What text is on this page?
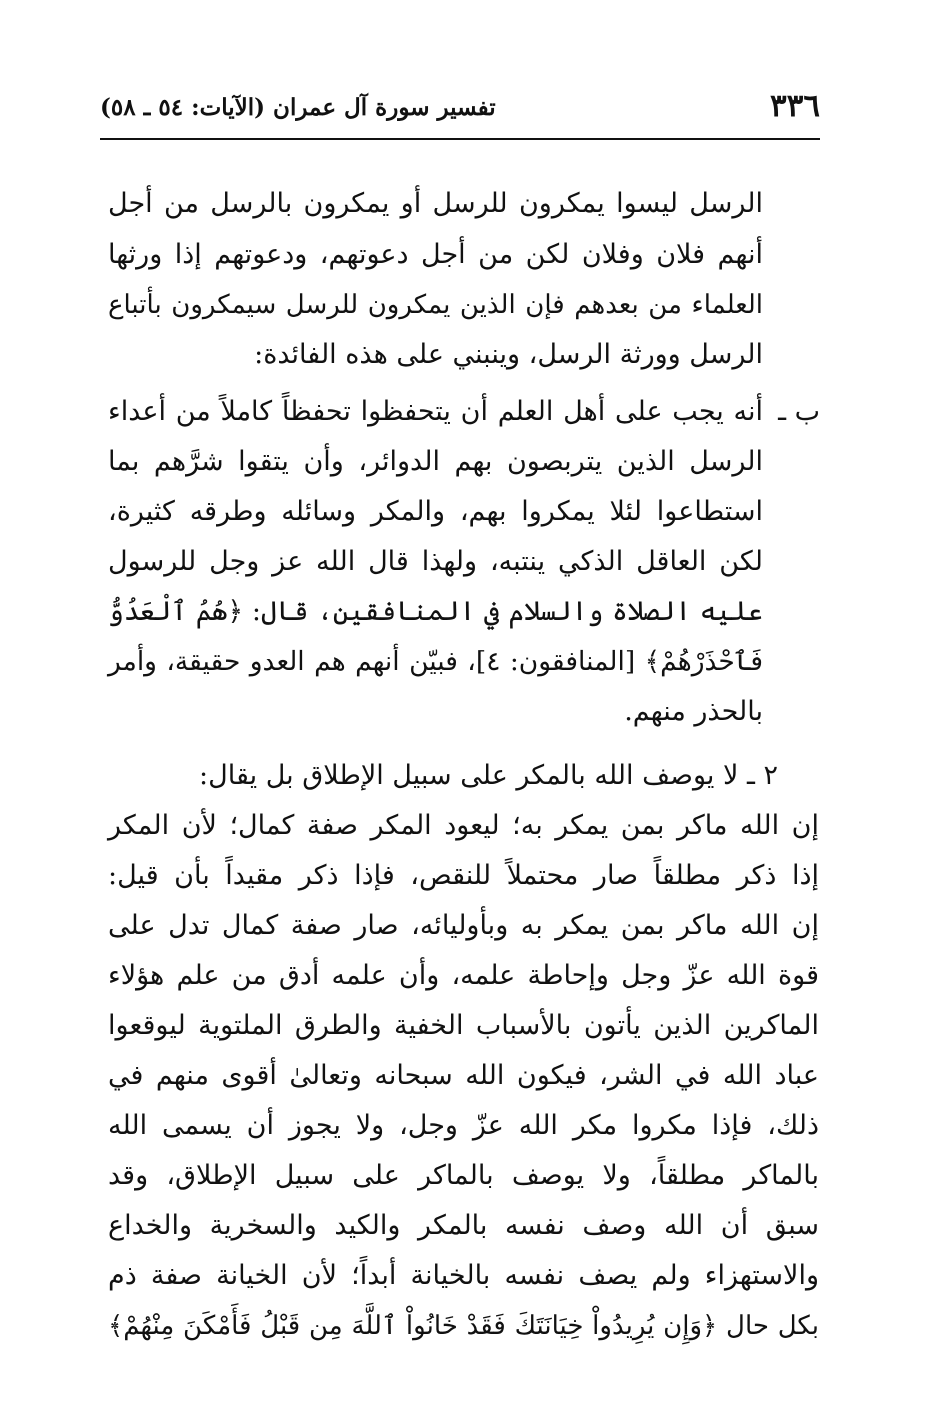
٣٣٦
تفسير سورة آل عمران (الآيات: ٥٤ ـ ٥٨)
الرسل ليسوا يمكرون للرسل أو يمكرون بالرسل من أجل
أنهم فلان وفلان لكن من أجل دعوتهم، ودعوتهم إذا ورثها
العلماء من بعدهم فإن الذين يمكرون للرسل سيمكرون بأتباع
الرسل وورثة الرسل، وينبني على هذه الفائدة:
ب ـ
أنه يجب على أهل العلم أن يتحفظوا تحفظاً كاملاً من أعداء
الرسل الذين يتربصون بهم الدوائر، وأن يتقوا شرَّهم بما
استطاعوا لئلا يمكروا بهم، والمكر وسائله وطرقه كثيرة،
لكن العاقل الذكي ينتبه، ولهذا قال الله عز وجل للرسول
عليه الصلاة والسلام في المنافقين، قال: ﴿هُمُ ٱلْعَدُوُّ
فَٱحْذَرْهُمْ﴾ [المنافقون: ٤]، فبيّن أنهم هم العدو حقيقة، وأمر
بالحذر منهم.
٢ ـ لا يوصف الله بالمكر على سبيل الإطلاق بل يقال:
إن الله ماكر بمن يمكر به؛ ليعود المكر صفة كمال؛ لأن المكر
إذا ذكر مطلقاً صار محتملاً للنقص، فإذا ذكر مقيداً بأن قيل:
إن الله ماكر بمن يمكر به وبأوليائه، صار صفة كمال تدل على
قوة الله عزّ وجل وإحاطة علمه، وأن علمه أدق من علم هؤلاء
الماكرين الذين يأتون بالأسباب الخفية والطرق الملتوية ليوقعوا
عباد الله في الشر، فيكون الله سبحانه وتعالىٰ أقوى منهم في
ذلك، فإذا مكروا مكر الله عزّ وجل، ولا يجوز أن يسمى الله
بالماكر مطلقاً، ولا يوصف بالماكر على سبيل الإطلاق، وقد
سبق أن الله وصف نفسه بالمكر والكيد والسخرية والخداع
والاستهزاء ولم يصف نفسه بالخيانة أبداً؛ لأن الخيانة صفة ذم
بكل حال ﴿وَإِن يُرِيدُواْ خِيَانَتَكَ فَقَدْ خَانُواْ ٱللَّهَ مِن قَبْلُ فَأَمْكَنَ مِنْهُمْ﴾
